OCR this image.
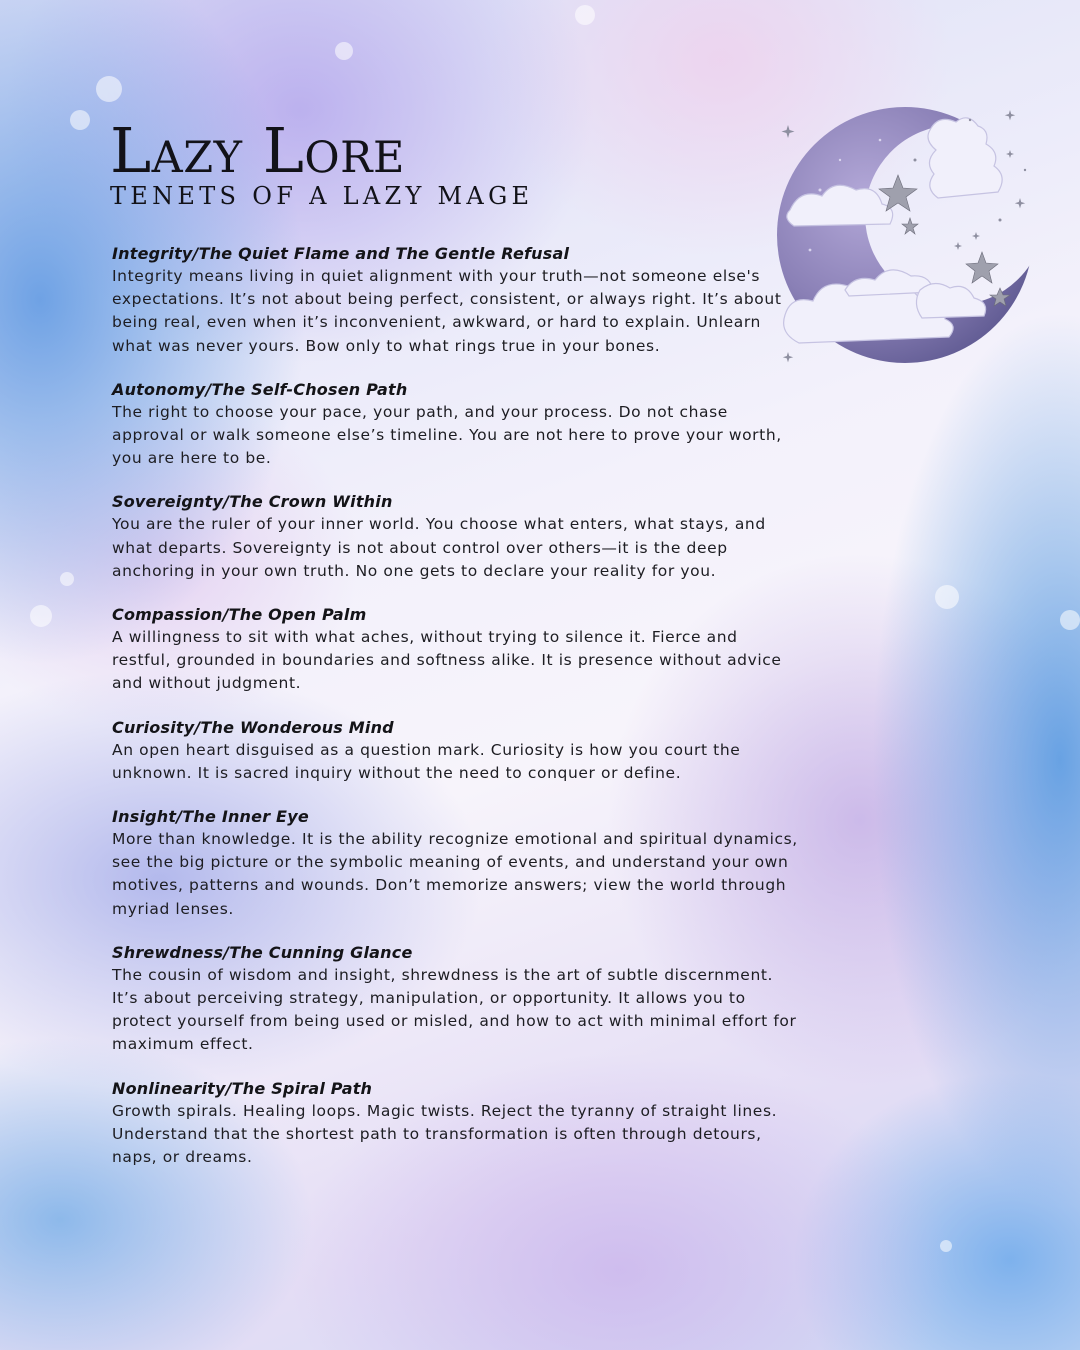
Lazy Lore
TENETS OF A LAZY MAGE
Integrity/The Quiet Flame and The Gentle Refusal
Integrity means living in quiet alignment with your truth—not someone else's expectations. It’s not about being perfect, consistent, or always right. It’s about being real, even when it’s inconvenient, awkward, or hard to explain. Unlearn what was never yours. Bow only to what rings true in your bones.
Autonomy/The Self-Chosen Path
The right to choose your pace, your path, and your process. Do not chase approval or walk someone else’s timeline. You are not here to prove your worth, you are here to be.
Sovereignty/The Crown Within
You are the ruler of your inner world. You choose what enters, what stays, and what departs. Sovereignty is not about control over others—it is the deep anchoring in your own truth. No one gets to declare your reality for you.
Compassion/The Open Palm
A willingness to sit with what aches, without trying to silence it. Fierce and restful, grounded in boundaries and softness alike. It is presence without advice and without judgment.
Curiosity/The Wonderous Mind
An open heart disguised as a question mark. Curiosity is how you court the unknown. It is sacred inquiry without the need to conquer or define.
Insight/The Inner Eye
More than knowledge. It is the ability recognize emotional and spiritual dynamics, see the big picture or the symbolic meaning of events, and understand your own motives, patterns and wounds. Don’t memorize answers; view the world through myriad lenses.
Shrewdness/The Cunning Glance
The cousin of wisdom and insight, shrewdness is the art of subtle discernment. It’s about perceiving strategy, manipulation, or opportunity. It allows you to protect yourself from being used or misled, and how to act with minimal effort for maximum effect.
Nonlinearity/The Spiral Path
Growth spirals. Healing loops. Magic twists. Reject the tyranny of straight lines. Understand that the shortest path to transformation is often through detours, naps, or dreams.
